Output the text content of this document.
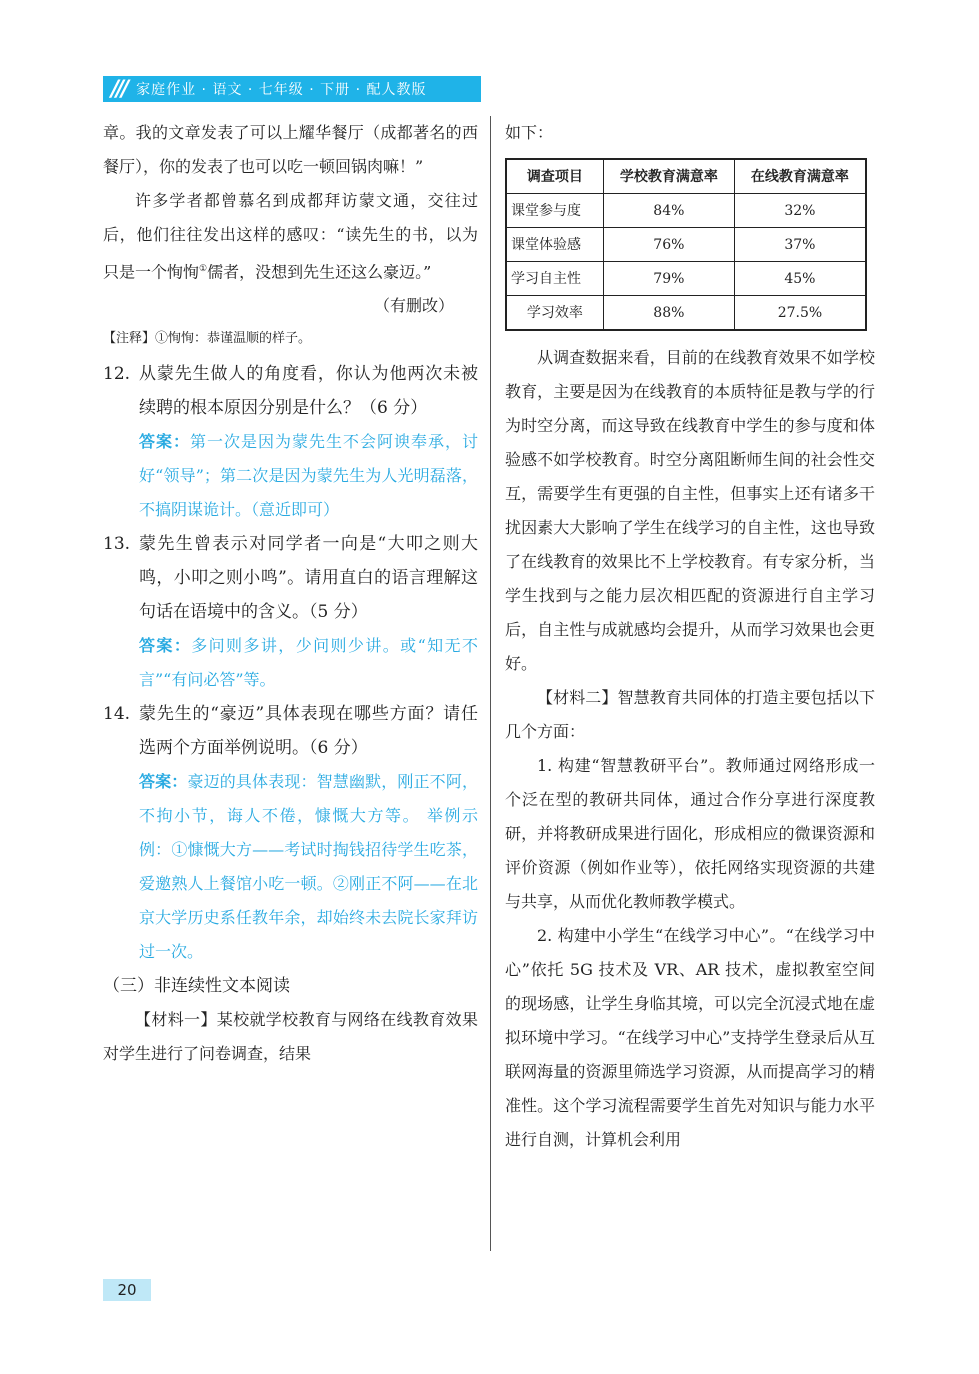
/// 家庭作业 · 语文 · 七年级 · 下册 · 配人教版

章。我的文章发表了可以上耀华餐厅（成都著名的西餐厅），你的发表了也可以吃一顿回锅肉嘛！”

许多学者都曾慕名到成都拜访蒙文通，交往过后，他们往往发出这样的感叹：“读先生的书，以为只是一个恂恂①儒者，没想到先生还这么豪迈。”

（有删改）

【注释】①恂恂：恭谨温顺的样子。

12. 从蒙先生做人的角度看，你认为他两次未被续聘的根本原因分别是什么？（6 分）

答案：第一次是因为蒙先生不会阿谀奉承，讨好“领导”；第二次是因为蒙先生为人光明磊落，不搞阴谋诡计。（意近即可）

13. 蒙先生曾表示对同学者一向是“大叩之则大鸣，小叩之则小鸣”。请用直白的语言理解这句话在语境中的含义。（5 分）

答案：多问则多讲，少问则少讲。或“知无不言”“有问必答”等。

14. 蒙先生的“豪迈”具体表现在哪些方面？请任选两个方面举例说明。（6 分）

答案：豪迈的具体表现：智慧幽默，刚正不阿，不拘小节，诲人不倦，慷慨大方等。 举例示例：①慷慨大方——考试时掏钱招待学生吃茶，爱邀熟人上餐馆小吃一顿。②刚正不阿——在北京大学历史系任教年余，却始终未去院长家拜访过一次。

（三）非连续性文本阅读

【材料一】某校就学校教育与网络在线教育效果对学生进行了问卷调查，结果

如下：

调查项目	学校教育满意率	在线教育满意率
课堂参与度	84%	32%
课堂体验感	76%	37%
学习自主性	79%	45%
学习效率	88%	27.5%

从调查数据来看，目前的在线教育效果不如学校教育，主要是因为在线教育的本质特征是教与学的行为时空分离，而这导致在线教育中学生的参与度和体验感不如学校教育。时空分离阻断师生间的社会性交互，需要学生有更强的自主性，但事实上还有诸多干扰因素大大影响了学生在线学习的自主性，这也导致了在线教育的效果比不上学校教育。有专家分析，当学生找到与之能力层次相匹配的资源进行自主学习后，自主性与成就感均会提升，从而学习效果也会更好。

【材料二】智慧教育共同体的打造主要包括以下几个方面：

1. 构建“智慧教研平台”。教师通过网络形成一个泛在型的教研共同体，通过合作分享进行深度教研，并将教研成果进行固化，形成相应的微课资源和评价资源（例如作业等），依托网络实现资源的共建与共享，从而优化教师教学模式。

2. 构建中小学生“在线学习中心”。“在线学习中心”依托 5G 技术及 VR、AR 技术，虚拟教室空间的现场感，让学生身临其境，可以完全沉浸式地在虚拟环境中学习。“在线学习中心”支持学生登录后从互联网海量的资源里筛选学习资源，从而提高学习的精准性。这个学习流程需要学生首先对知识与能力水平进行自测，计算机会利用

20
